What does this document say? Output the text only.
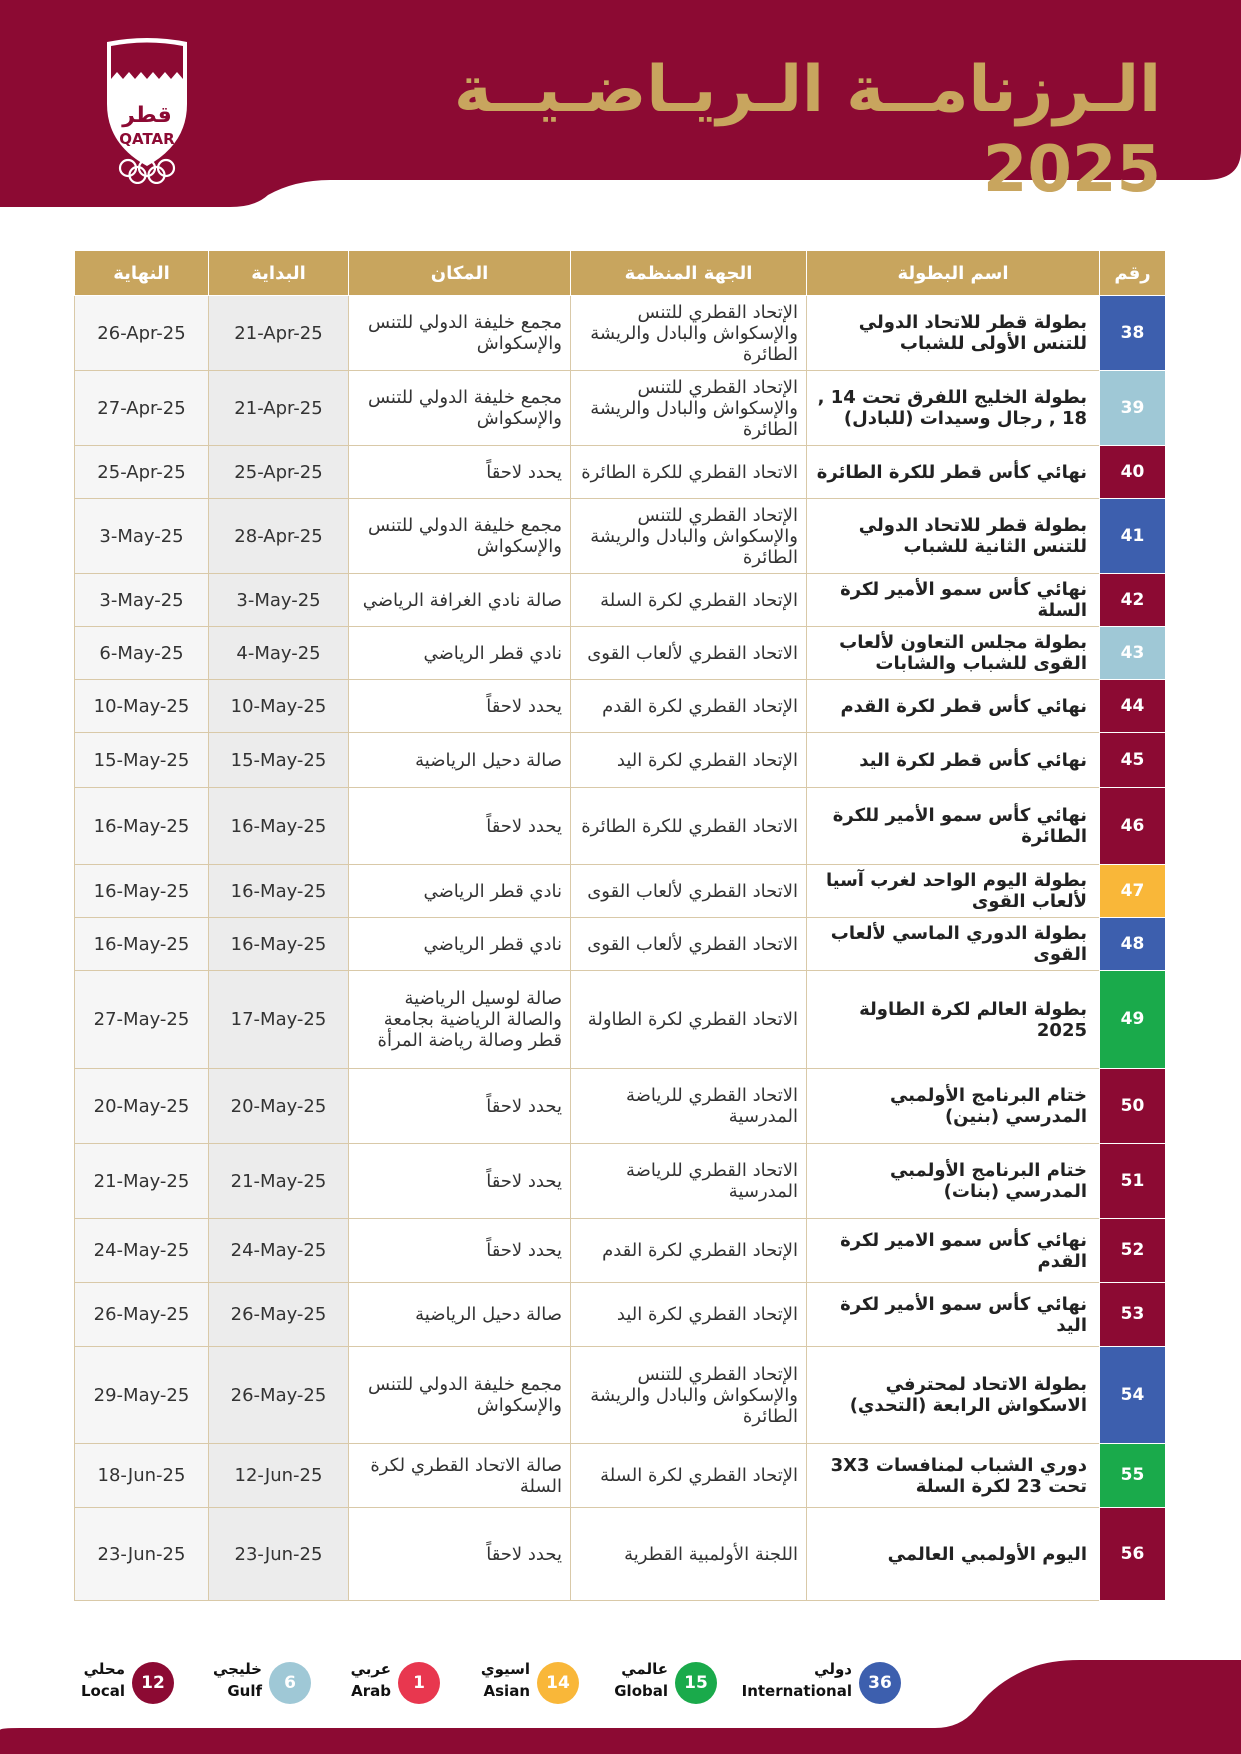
الـرزنامــة الـريـاضـيــة 2025
قطر
QATAR
رقم	اسم البطولة	الجهة المنظمة	المكان	البداية	النهاية
38	بطولة قطر للاتحاد الدولي للتنس الأولى للشباب	الإتحاد القطري للتنس والإسكواش والبادل والريشة الطائرة	مجمع خليفة الدولي للتنس والإسكواش	21-Apr-25	26-Apr-25
39	بطولة الخليج اللفرق تحت 14 , 18 , رجال وسيدات (للبادل)	الإتحاد القطري للتنس والإسكواش والبادل والريشة الطائرة	مجمع خليفة الدولي للتنس والإسكواش	21-Apr-25	27-Apr-25
40	نهائي كأس قطر للكرة الطائرة	الاتحاد القطري للكرة الطائرة	يحدد لاحقاً	25-Apr-25	25-Apr-25
41	بطولة قطر للاتحاد الدولي للتنس الثانية للشباب	الإتحاد القطري للتنس والإسكواش والبادل والريشة الطائرة	مجمع خليفة الدولي للتنس والإسكواش	28-Apr-25	3-May-25
42	نهائي كأس سمو الأمير لكرة السلة	الإتحاد القطري لكرة السلة	صالة نادي الغرافة الرياضي	3-May-25	3-May-25
43	بطولة مجلس التعاون لألعاب القوى للشباب والشابات	الاتحاد القطري لألعاب القوى	نادي قطر الرياضي	4-May-25	6-May-25
44	نهائي كأس قطر لكرة القدم	الإتحاد القطري لكرة القدم	يحدد لاحقاً	10-May-25	10-May-25
45	نهائي كأس قطر لكرة اليد	الإتحاد القطري لكرة اليد	صالة دحيل الرياضية	15-May-25	15-May-25
46	نهائي كأس سمو الأمير للكرة الطائرة	الاتحاد القطري للكرة الطائرة	يحدد لاحقاً	16-May-25	16-May-25
47	بطولة اليوم الواحد لغرب آسيا لألعاب القوى	الاتحاد القطري لألعاب القوى	نادي قطر الرياضي	16-May-25	16-May-25
48	بطولة الدوري الماسي لألعاب القوى	الاتحاد القطري لألعاب القوى	نادي قطر الرياضي	16-May-25	16-May-25
49	بطولة العالم لكرة الطاولة 2025	الاتحاد القطري لكرة الطاولة	صالة لوسيل الرياضية والصالة الرياضية بجامعة قطر وصالة رياضة المرأة	17-May-25	27-May-25
50	ختام البرنامج الأولمبي المدرسي (بنين)	الاتحاد القطري للرياضة المدرسية	يحدد لاحقاً	20-May-25	20-May-25
51	ختام البرنامج الأولمبي المدرسي (بنات)	الاتحاد القطري للرياضة المدرسية	يحدد لاحقاً	21-May-25	21-May-25
52	نهائي كأس سمو الامير لكرة القدم	الإتحاد القطري لكرة القدم	يحدد لاحقاً	24-May-25	24-May-25
53	نهائي كأس سمو الأمير لكرة اليد	الإتحاد القطري لكرة اليد	صالة دحيل الرياضية	26-May-25	26-May-25
54	بطولة الاتحاد لمحترفي الاسكواش الرابعة (التحدي)	الإتحاد القطري للتنس والإسكواش والبادل والريشة الطائرة	مجمع خليفة الدولي للتنس والإسكواش	26-May-25	29-May-25
55	دوري الشباب لمنافسات 3X3 تحت 23 لكرة السلة	الإتحاد القطري لكرة السلة	صالة الاتحاد القطري لكرة السلة	12-Jun-25	18-Jun-25
56	اليوم الأولمبي العالمي	اللجنة الأولمبية القطرية	يحدد لاحقاً	23-Jun-25	23-Jun-25
36
دولي
International
15
عالمي
Global
14
اسيوي
Asian
1
عربي
Arab
6
خليجي
Gulf
12
محلي
Local
